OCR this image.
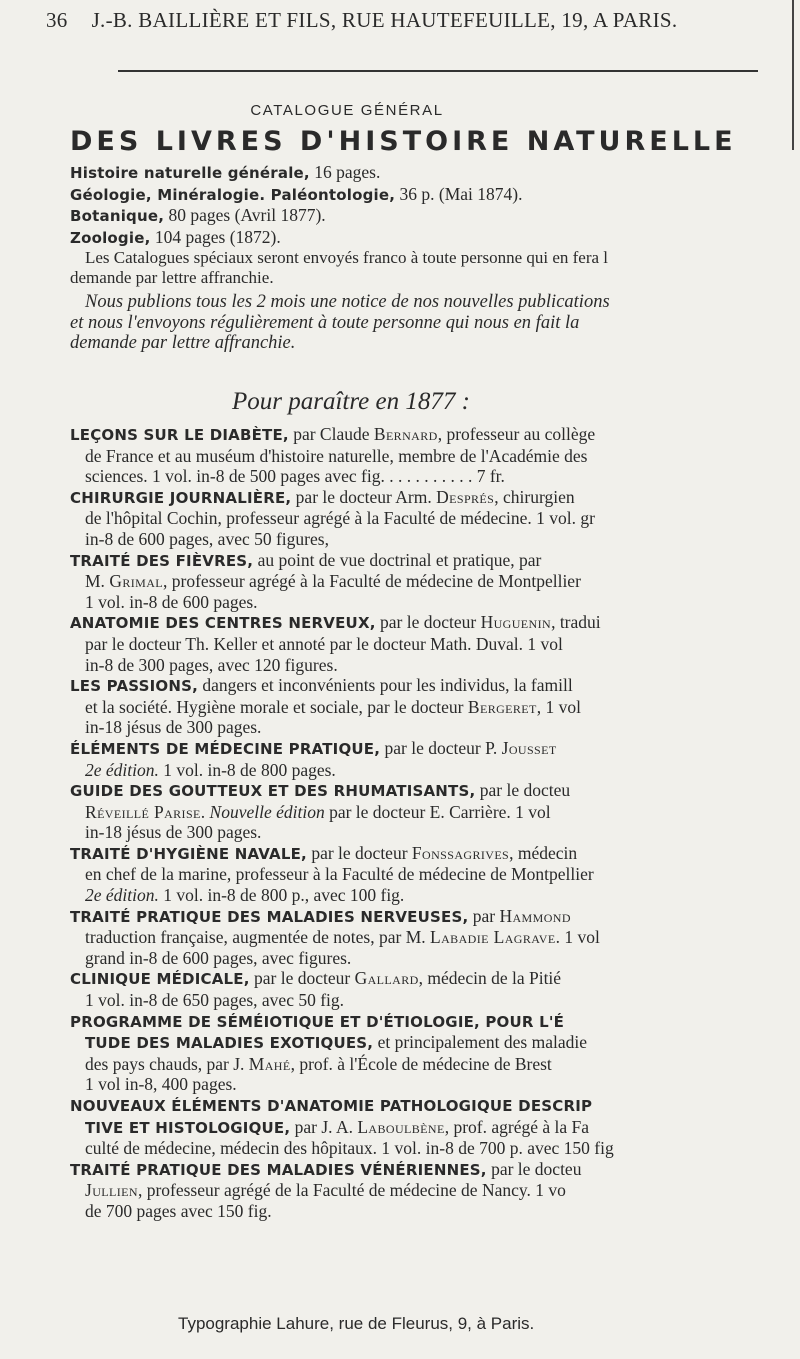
36 J.-B. BAILLIÈRE ET FILS, RUE HAUTEFEUILLE, 19, A PARIS.
CATALOGUE GÉNÉRAL
DES LIVRES D'HISTOIRE NATURELLE
Histoire naturelle générale, 16 pages.
Géologie, Minéralogie. Paléontologie, 36 p. (Mai 1874).
Botanique, 80 pages (Avril 1877).
Zoologie, 104 pages (1872).
Les Catalogues spéciaux seront envoyés franco à toute personne qui en fera l
demande par lettre affranchie.
Nous publions tous les 2 mois une notice de nos nouvelles publications
et nous l'envoyons régulièrement à toute personne qui nous en fait la
demande par lettre affranchie.
Pour paraître en 1877 :
LEÇONS SUR LE DIABÈTE, par Claude Bernard, professeur au collège
de France et au muséum d'histoire naturelle, membre de l'Académie des
sciences. 1 vol. in-8 de 500 pages avec fig. . . . . . . . . . . 7 fr.
CHIRURGIE JOURNALIÈRE, par le docteur Arm. Després, chirurgien
de l'hôpital Cochin, professeur agrégé à la Faculté de médecine. 1 vol. gr
in-8 de 600 pages, avec 50 figures,
TRAITÉ DES FIÈVRES, au point de vue doctrinal et pratique, par
M. Grimal, professeur agrégé à la Faculté de médecine de Montpellier
1 vol. in-8 de 600 pages.
ANATOMIE DES CENTRES NERVEUX, par le docteur Huguenin, tradui
par le docteur Th. Keller et annoté par le docteur Math. Duval. 1 vol
in-8 de 300 pages, avec 120 figures.
LES PASSIONS, dangers et inconvénients pour les individus, la famill
et la société. Hygiène morale et sociale, par le docteur Bergeret, 1 vol
in-18 jésus de 300 pages.
ÉLÉMENTS DE MÉDECINE PRATIQUE, par le docteur P. Jousset
2e édition. 1 vol. in-8 de 800 pages.
GUIDE DES GOUTTEUX ET DES RHUMATISANTS, par le docteu
Réveillé Parise. Nouvelle édition par le docteur E. Carrière. 1 vol
in-18 jésus de 300 pages.
TRAITÉ D'HYGIÈNE NAVALE, par le docteur Fonssagrives, médecin
en chef de la marine, professeur à la Faculté de médecine de Montpellier
2e édition. 1 vol. in-8 de 800 p., avec 100 fig.
TRAITÉ PRATIQUE DES MALADIES NERVEUSES, par Hammond
traduction française, augmentée de notes, par M. Labadie Lagrave. 1 vol
grand in-8 de 600 pages, avec figures.
CLINIQUE MÉDICALE, par le docteur Gallard, médecin de la Pitié
1 vol. in-8 de 650 pages, avec 50 fig.
PROGRAMME DE SÉMÉIOTIQUE ET D'ÉTIOLOGIE, POUR L'É
TUDE DES MALADIES EXOTIQUES, et principalement des maladie
des pays chauds, par J. Mahé, prof. à l'École de médecine de Brest
1 vol in-8, 400 pages.
NOUVEAUX ÉLÉMENTS D'ANATOMIE PATHOLOGIQUE DESCRIP
TIVE ET HISTOLOGIQUE, par J. A. Laboulbène, prof. agrégé à la Fa
culté de médecine, médecin des hôpitaux. 1 vol. in-8 de 700 p. avec 150 fig
TRAITÉ PRATIQUE DES MALADIES VÉNÉRIENNES, par le docteu
Jullien, professeur agrégé de la Faculté de médecine de Nancy. 1 vo
de 700 pages avec 150 fig.
Typographie Lahure, rue de Fleurus, 9, à Paris.
